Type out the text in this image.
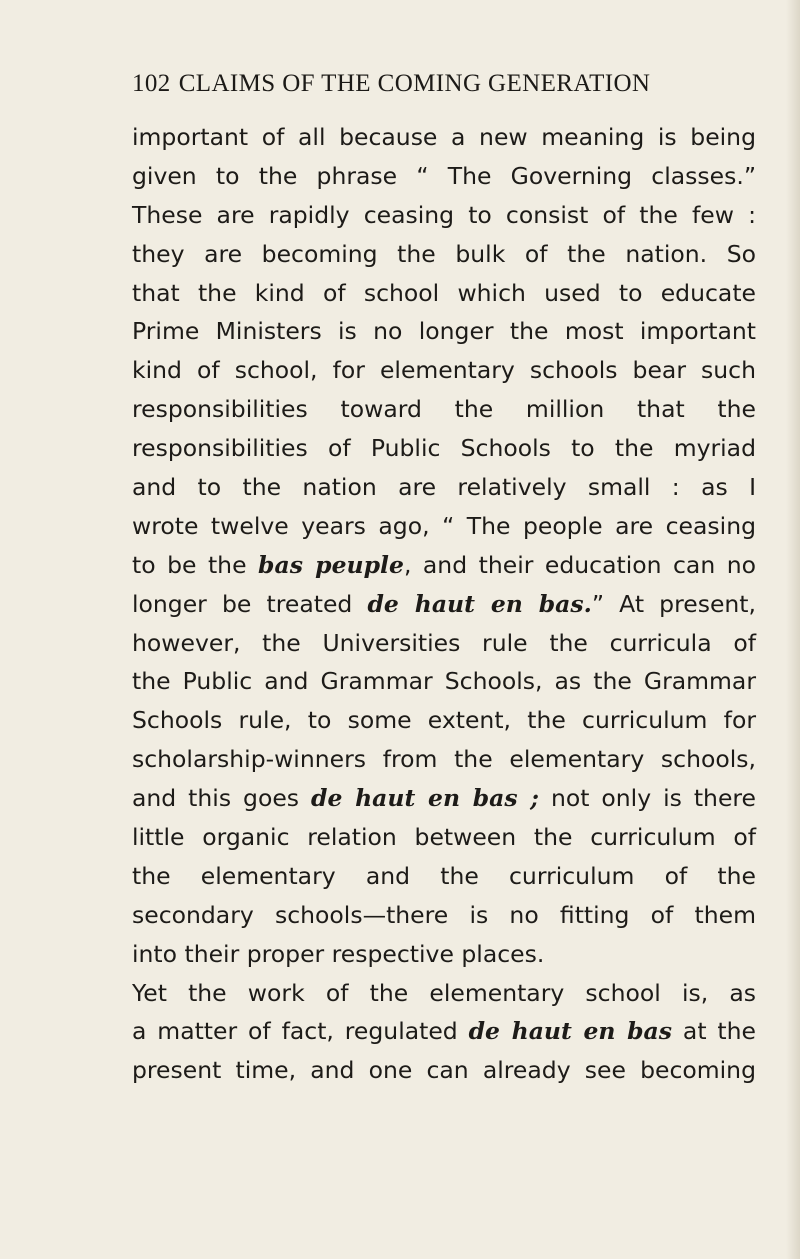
102 CLAIMS OF THE COMING GENERATION
important of all because a new meaning is being
given to the phrase “ The Governing classes.”
These are rapidly ceasing to consist of the few :
they are becoming the bulk of the nation. So
that the kind of school which used to educate
Prime Ministers is no longer the most important
kind of school, for elementary schools bear such
responsibilities toward the million that the
responsibilities of Public Schools to the myriad
and to the nation are relatively small : as I
wrote twelve years ago, “ The people are ceasing
to be the bas peuple, and their education can no
longer be treated de haut en bas.” At present,
however, the Universities rule the curricula of
the Public and Grammar Schools, as the Grammar
Schools rule, to some extent, the curriculum for
scholarship-winners from the elementary schools,
and this goes de haut en bas ; not only is there
little organic relation between the curriculum of
the elementary and the curriculum of the
secondary schools—there is no fitting of them
into their proper respective places.
Yet the work of the elementary school is, as
a matter of fact, regulated de haut en bas at the
present time, and one can already see becoming
